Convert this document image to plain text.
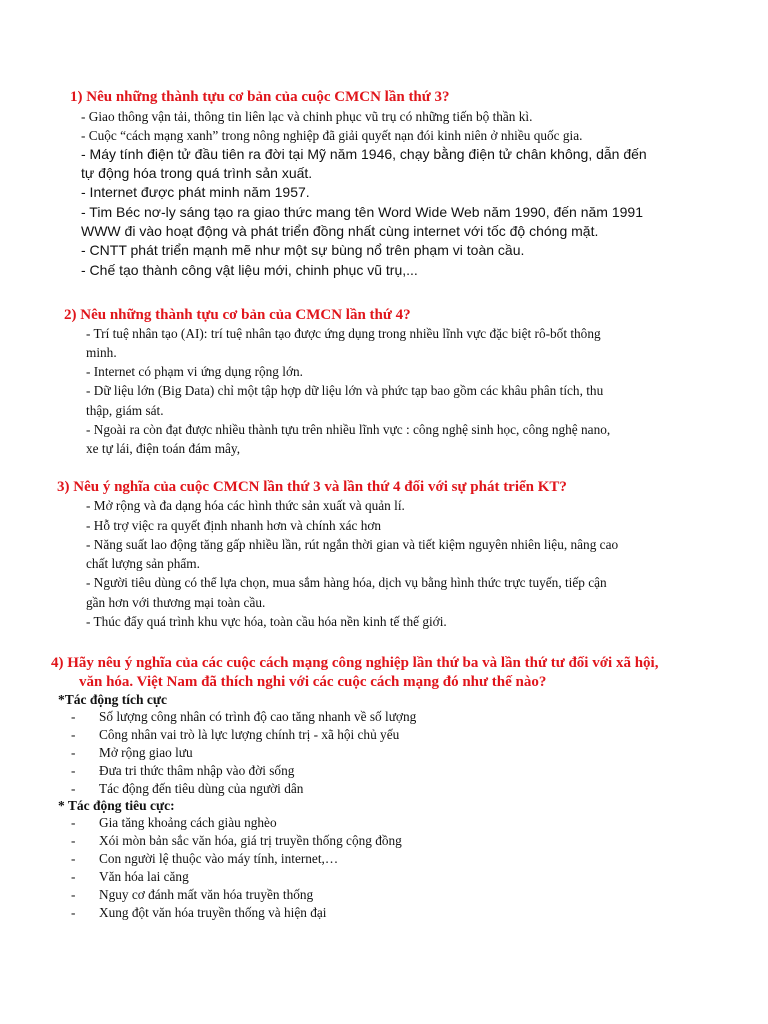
1) Nêu những thành tựu cơ bản của cuộc CMCN lần thứ 3?
- Giao thông vận tải, thông tin liên lạc và chinh phục vũ trụ có những tiến bộ thần kì.
- Cuộc “cách mạng xanh” trong nông nghiệp đã giải quyết nạn đói kinh niên ở nhiều quốc gia.
- Máy tính điện tử đầu tiên ra đời tại Mỹ năm 1946, chạy bằng điện tử chân không, dẫn đến
tự động hóa trong quá trình sản xuất.
- Internet được phát minh năm 1957.
- Tim Béc nơ-ly sáng tạo ra giao thức mang tên Word Wide Web năm 1990, đến năm 1991
WWW đi vào hoạt động và phát triển đồng nhất cùng internet với tốc độ chóng mặt.
- CNTT phát triển mạnh mẽ như một sự bùng nổ trên phạm vi toàn cầu.
- Chế tạo thành công vật liệu mới, chinh phục vũ trụ,...
2) Nêu những thành tựu cơ bản của CMCN lần thứ 4?
- Trí tuệ nhân tạo (AI): trí tuệ nhân tạo được ứng dụng trong nhiều lĩnh vực đặc biệt rô-bốt thông
minh.
- Internet có phạm vi ứng dụng rộng lớn.
- Dữ liệu lớn (Big Data) chỉ một tập hợp dữ liệu lớn và phức tạp bao gồm các khâu phân tích, thu
thập, giám sát.
- Ngoài ra còn đạt được nhiều thành tựu trên nhiều lĩnh vực : công nghệ sinh học, công nghệ nano,
xe tự lái, điện toán đám mây,
3) Nêu ý nghĩa của cuộc CMCN lần thứ 3 và lần thứ 4 đối với sự phát triển KT?
- Mở rộng và đa dạng hóa các hình thức sản xuất và quản lí.
- Hỗ trợ việc ra quyết định nhanh hơn và chính xác hơn
- Năng suất lao động tăng gấp nhiều lần, rút ngắn thời gian và tiết kiệm nguyên nhiên liệu, nâng cao
chất lượng sản phẩm.
- Người tiêu dùng có thể lựa chọn, mua sắm hàng hóa, dịch vụ bằng hình thức trực tuyến, tiếp cận
gần hơn với thương mại toàn cầu.
- Thúc đẩy quá trình khu vực hóa, toàn cầu hóa nền kinh tế thế giới.
4) Hãy nêu ý nghĩa của các cuộc cách mạng công nghiệp lần thứ ba và lần thứ tư đối với xã hội,
văn hóa. Việt Nam đã thích nghi với các cuộc cách mạng đó như thế nào?
*Tác động tích cực
- Số lượng công nhân có trình độ cao tăng nhanh về số lượng
- Công nhân vai trò là lực lượng chính trị - xã hội chủ yếu
- Mở rộng giao lưu
- Đưa tri thức thâm nhập vào đời sống
- Tác động đến tiêu dùng của người dân
* Tác động tiêu cực:
- Gia tăng khoảng cách giàu nghèo
- Xói mòn bản sắc văn hóa, giá trị truyền thống cộng đồng
- Con người lệ thuộc vào máy tính, internet,…
- Văn hóa lai căng
- Nguy cơ đánh mất văn hóa truyền thống
- Xung đột văn hóa truyền thống và hiện đại
